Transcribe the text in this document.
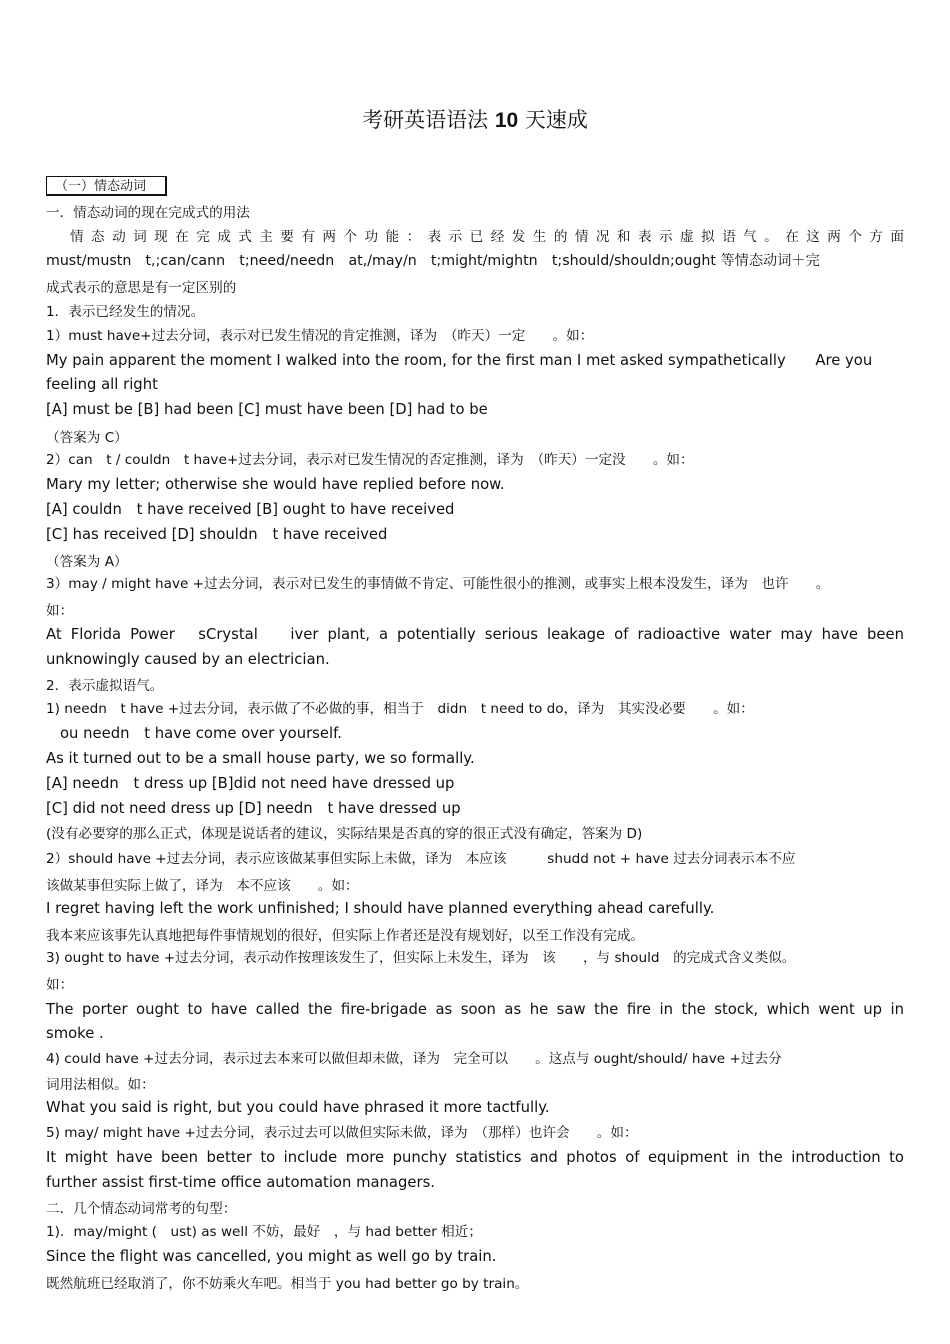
考研英语语法 10 天速成
（一）情态动词
一．情态动词的现在完成式的用法
情 态 动 词 现 在 完 成 式 主 要 有 两 个 功 能 ： 表 示 已 经 发 生 的 情 况 和 表 示 虚 拟 语 气 。 在 这 两 个 方 面
must/mustn　t,;can/cann　t;need/needn　at,/may/n　t;might/mightn　t;should/shouldn;ought 等情态动词＋完
成式表示的意思是有一定区别的
1．表示已经发生的情况。
1）must have+过去分词，表示对已发生情况的肯定推测，译为　（昨天）一定　　。如：
My pain apparent the moment I walked into the room, for the first man I met asked sympathetically　　Are you
feeling all right
[A] must be [B] had been [C] must have been [D] had to be
（答案为 C）
2）can　t / couldn　t have+过去分词，表示对已发生情况的否定推测，译为　（昨天）一定没　　。如：
Mary my letter; otherwise she would have replied before now.
[A] couldn　t have received [B] ought to have received
[C] has received [D] shouldn　t have received
（答案为 A）
3）may / might have +过去分词，表示对已发生的事情做不肯定、可能性很小的推测，或事实上根本没发生，译为　也许　　。
如：
At Florida Power　sCrystal　 iver plant, a potentially serious leakage of radioactive water may have been
unknowingly caused by an electrician.
2．表示虚拟语气。
1) needn　t have +过去分词，表示做了不必做的事，相当于　didn　t need to do，译为　其实没必要　　。如：
ou needn　t have come over yourself.
As it turned out to be a small house party, we so formally.
[A] needn　t dress up [B]did not need have dressed up
[C] did not need dress up [D] needn　t have dressed up
(没有必要穿的那么正式，体现是说话者的建议，实际结果是否真的穿的很正式没有确定，答案为 D)
2）should have +过去分词，表示应该做某事但实际上未做，译为　本应该　　　shudd not + have 过去分词表示本不应
该做某事但实际上做了，译为　本不应该　　。如：
I regret having left the work unfinished; I should have planned everything ahead carefully.
我本来应该事先认真地把每件事情规划的很好，但实际上作者还是没有规划好，以至工作没有完成。
3) ought to have +过去分词，表示动作按理该发生了，但实际上未发生，译为　该　　，与 should　的完成式含义类似。
如：
The porter ought to have called the fire-brigade as soon as he saw the fire in the stock, which went up in
smoke .
4) could have +过去分词，表示过去本来可以做但却未做，译为　完全可以　　。这点与 ought/should/ have +过去分
词用法相似。如：
What you said is right, but you could have phrased it more tactfully.
5) may/ might have +过去分词，表示过去可以做但实际未做，译为　（那样）也许会　　。如：
It might have been better to include more punchy statistics and photos of equipment in the introduction to
further assist first-time office automation managers.
二．几个情态动词常考的句型：
1)．may/might (　ust) as well 不妨，最好　，与 had better 相近；
Since the flight was cancelled, you might as well go by train.
既然航班已经取消了，你不妨乘火车吧。相当于 you had better go by train。
